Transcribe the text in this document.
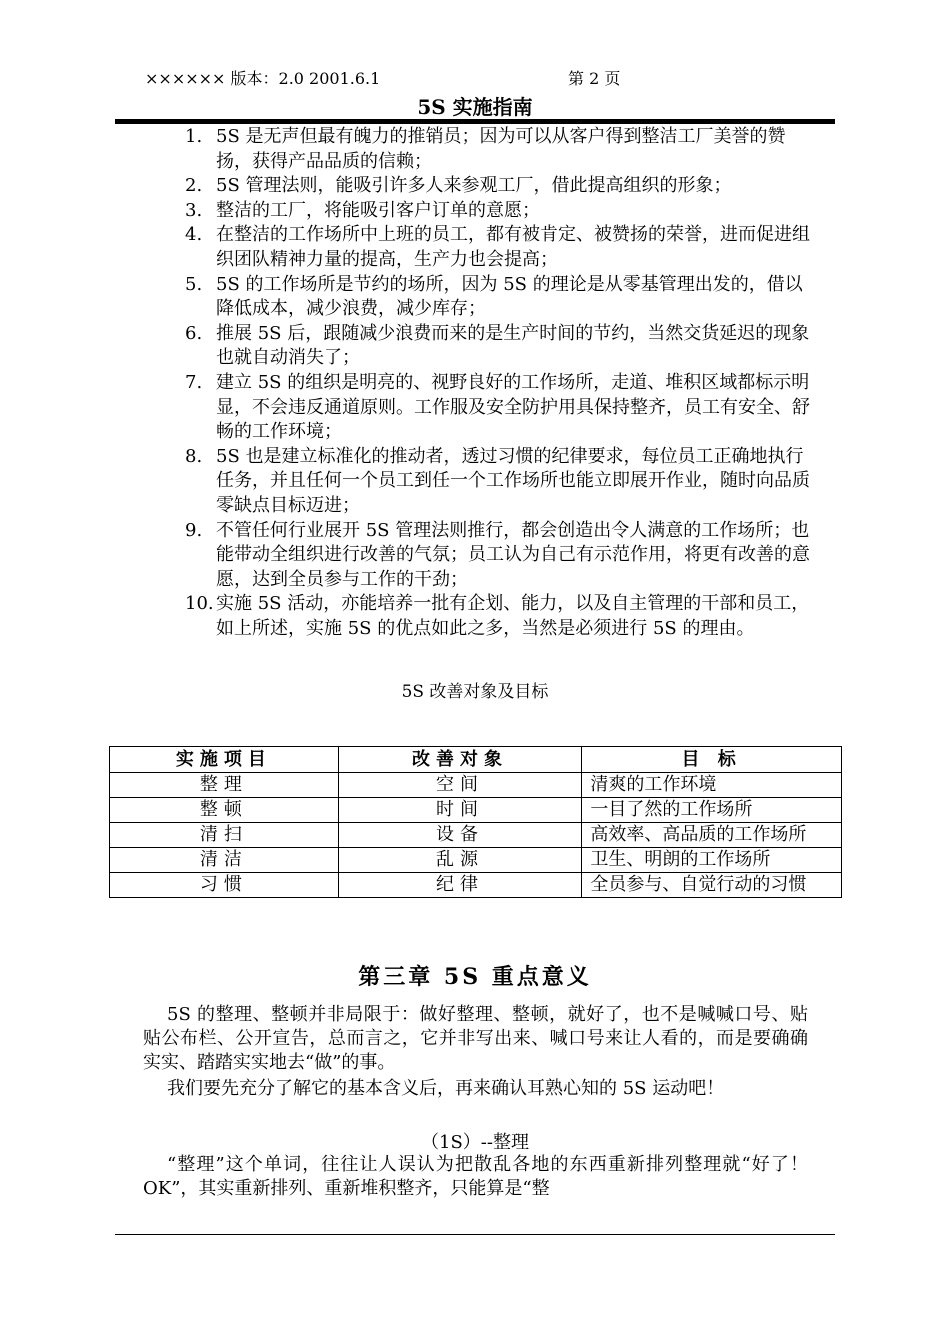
×××××× 版本：2.0 2001.6.1	第 2 页
5S 实施指南
1. 5S 是无声但最有魄力的推销员；因为可以从客户得到整洁工厂美誉的赞扬，获得产品品质的信赖；
2. 5S 管理法则，能吸引许多人来参观工厂，借此提高组织的形象；
3. 整洁的工厂，将能吸引客户订单的意愿；
4. 在整洁的工作场所中上班的员工，都有被肯定、被赞扬的荣誉，进而促进组织团队精神力量的提高，生产力也会提高；
5. 5S 的工作场所是节约的场所，因为 5S 的理论是从零基管理出发的，借以降低成本，减少浪费，减少库存；
6. 推展 5S 后，跟随减少浪费而来的是生产时间的节约，当然交货延迟的现象也就自动消失了；
7. 建立 5S 的组织是明亮的、视野良好的工作场所，走道、堆积区域都标示明显，不会违反通道原则。工作服及安全防护用具保持整齐，员工有安全、舒畅的工作环境；
8. 5S 也是建立标准化的推动者，透过习惯的纪律要求，每位员工正确地执行任务，并且任何一个员工到任一个工作场所也能立即展开作业，随时向品质零缺点目标迈进；
9. 不管任何行业展开 5S 管理法则推行，都会创造出令人满意的工作场所；也能带动全组织进行改善的气氛；员工认为自己有示范作用，将更有改善的意愿，达到全员参与工作的干劲；
10. 实施 5S 活动，亦能培养一批有企划、能力，以及自主管理的干部和员工，如上所述，实施 5S 的优点如此之多，当然是必须进行 5S 的理由。
5S 改善对象及目标
实施项目	改善对象	目 标
整理	空间	清爽的工作环境
整顿	时间	一目了然的工作场所
清扫	设备	高效率、高品质的工作场所
清洁	乱源	卫生、明朗的工作场所
习惯	纪律	全员参与、自觉行动的习惯
第三章 5S 重点意义
5S 的整理、整顿并非局限于：做好整理、整顿，就好了，也不是喊喊口号、贴贴公布栏、公开宣告，总而言之，它并非写出来、喊口号来让人看的，而是要确确实实、踏踏实实地去“做”的事。
我们要先充分了解它的基本含义后，再来确认耳熟心知的 5S 运动吧！
（1S）--整理
“整理”这个单词，往往让人误认为把散乱各地的东西重新排列整理就“好了！ OK”，其实重新排列、重新堆积整齐，只能算是“整
